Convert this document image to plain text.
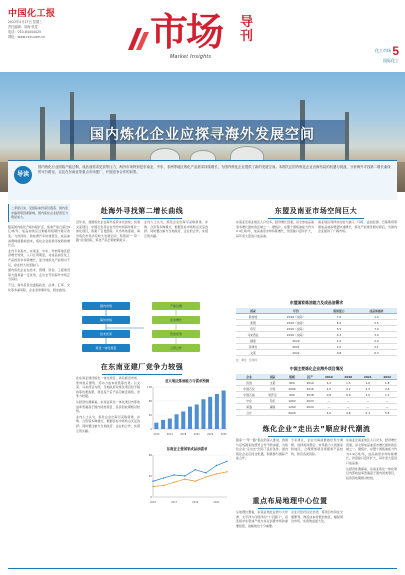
中国化工报
2022年4月27日 星期三
责任编辑：刘海 张雯
电话：010-64444425
网址：www.ccin.com.cn	市场 导刊
Market Insights
化工市场 5
国际化工
国内炼化企业应探寻海外发展空间
导读

国内炼化行业面临产能过剩、成品油需求见顶等压力，海外市场特别是东南亚、中东、非洲等地区炼化产品需求持续增长，为国内炼化企业提供了新的发展空间。本期关注国内炼化企业出海布局的机遇与挑战，分析海外寻找第二增长曲线的可行路径，以及在东南亚等重点市场建厂、开展竞争合作的前景。

二季度以来，受国际油价高位震荡、国内需求偏弱等因素影响，国内炼化企业经营压力明显加大。

随着国内炼化产能持续扩张，炼油产能已超过9亿吨/年，成品油供应过剩格局短期内难以改变。与此同时，新能源汽车快速普及，成品油消费峰值提前到来，炼化企业亟须寻找新的增长点。

业内专家指出，东南亚、中东、非洲等地区经济增长较快，人口红利明显，对成品油及化工产品的需求持续增长，而当地炼化产能相对不足，存在较大供需缺口。

国内炼化企业在技术、管理、资金、工程建设等方面具备一定优势，走出去开拓海外市场正当其时。

不过，海外投资也面临政治、法律、汇率、文化等多重风险，企业需审慎评估、稳步推进。

赴海外寻找第二增长曲线

近年来，我国炼化企业海外投资步伐加快，恒逸文莱项目、中国石化等企业纷纷布局海外炼化一体化项目，积累了宝贵经验。从市场角度看，海外炼化市场仍有较大发展空间，特别是“一带一路”沿线国家，炼化产品长期依赖进口。

业内人士认为，炼化企业出海可采取新建、并购、合资等多种模式，根据目标市场特点灵活选择。同时要注重与当地政府、企业的合作，实现互利共赢。

国内市场	产能过剩
海外市场	需求增长
技术优势	资金优势
炼化一体化项目	合资合作
在东南亚建厂竞争力较强

在东南亚建设炼化一体化项目，具有靠近市场、原料供应便利、劳动力成本较低等优势。以文莱、马来西亚为例，当地政府对炼化项目给予税收等优惠政策，项目投产后产品可就近销售，竞争力较强。

从经济性测算看，东南亚炼化一体化项目内部收益率普遍高于国内同类项目，投资回收期相对较短。

业内人士认为，炼化企业出海可采取新建、并购、合资等多种模式，根据目标市场特点灵活选择。同时要注重与当地政府、企业的合作，实现互利共赢。

亚太地区炼油能力与需求预测
0
40
80
120
2010	2014	2018	2022	2026	2030
东南亚主要国家成品油需求
0
40
80
2015	2017	2019	2021
东盟及南亚市场空间巨大

东南亚及南亚地区人口众多，经济增长迅速，是全球成品油需求增长最快的区域之一。据统计，东盟十国炼油能力约为2.4亿吨/年，成品油需求却持续增长，供需缺口逐年扩大，每年需大量进口成品油。

南亚地区同样存在较大缺口，印度、孟加拉国、巴基斯坦等国成品油消费量快速增长，炼化产能建设相对滞后，为国内企业提供了广阔市场。

东盟国家炼油能力及成品油需求
国家	年份	炼油能力	成品油需求
新加坡	2019（实际）	7.0	1.4
泰国	2019（实际）	6.2	5.5
印尼	2019（实际）	5.5	7.0
马来西亚	2019（实际）	4.3	3.4
越南	2020	1.2	2.0
菲律宾	2021	1.0	2.1
文莱	2022	0.8	0.3
注：单位：亿吨/年
中国主要炼化企业海外项目情况
企业	国家	规模	投产	2019	2020	2021	2022
恒逸	文莱	800	2019	1.2	1.5	1.6	1.8
中国石化	沙特	2000	2016	2.0	2.2	2.5	2.6
中国石油	哈萨克	600	2018	0.8	0.9	1.0	1.1
中化	印尼	1000	2023	—	—	—	—
荣盛	越南	1200	2024	—	—	—	—
合计		5600		4.0	4.6	5.1	5.5
炼化企业“走出去”顺应时代潮流

随着“一带一路”倡议的深入推进，我国与沿线国家的经贸合作不断加强，为炼化企业“走出去”创造了良好条件。国内炼化企业应抓住机遇，积极参与国际产能合作。

专家建议，企业出海前要做好充分调研，选择政局稳定、市场潜力大的国家和地区，合理规划项目规模和产品结构，防范各类风险。

东南亚及南亚地区人口众多，经济增长迅速，是全球成品油需求增长最快的区域之一。据统计，东盟十国炼油能力约为2.4亿吨/年，成品油需求却持续增长，供需缺口逐年扩大，每年需大量进口成品油。

从经济性测算看，东南亚炼化一体化项目内部收益率普遍高于国内同类项目，投资回收期相对较短。

重点布局地理中心位置

从地理位置看，东南亚地处亚洲与大洋洲、太平洋与印度洋的“十字路口”，是连接中东原油产地与东亚消费市场的重要枢纽，战略地位十分重要。

企业可依托区位优势，将项目布局在交通便利、物流成本较低的地区，辐射周边市场，实现效益最大化。
